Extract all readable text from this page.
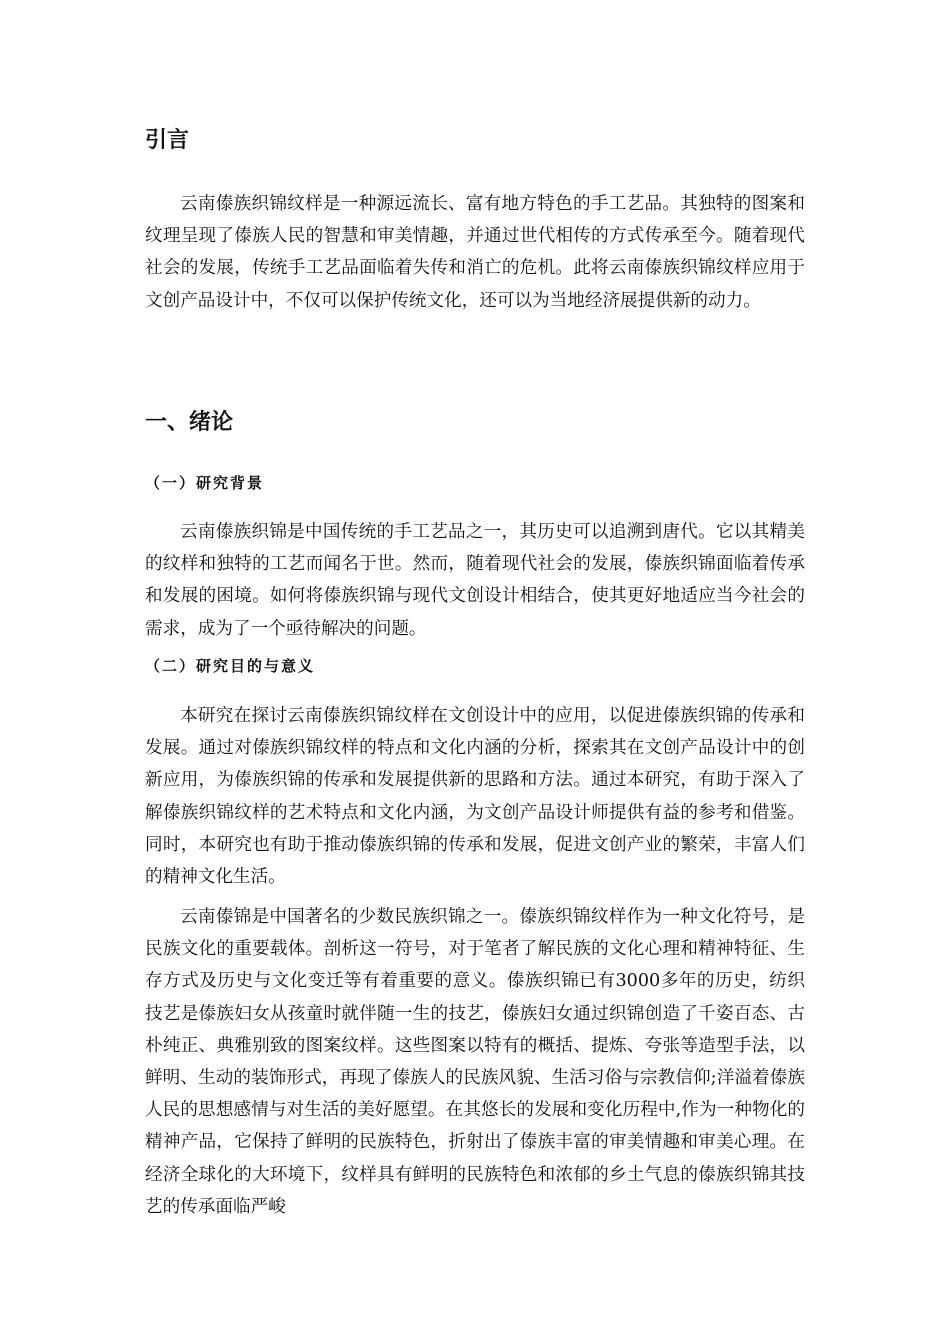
引言

云南傣族织锦纹样是一种源远流长、富有地方特色的手工艺品。其独特的图案和纹理呈现了傣族人民的智慧和审美情趣，并通过世代相传的方式传承至今。随着现代社会的发展，传统手工艺品面临着失传和消亡的危机。此将云南傣族织锦纹样应用于文创产品设计中，不仅可以保护传统文化，还可以为当地经济展提供新的动力。

一、绪论
（一）研究背景

云南傣族织锦是中国传统的手工艺品之一，其历史可以追溯到唐代。它以其精美的纹样和独特的工艺而闻名于世。然而，随着现代社会的发展，傣族织锦面临着传承和发展的困境。如何将傣族织锦与现代文创设计相结合，使其更好地适应当今社会的需求，成为了一个亟待解决的问题。

（二）研究目的与意义

本研究在探讨云南傣族织锦纹样在文创设计中的应用，以促进傣族织锦的传承和发展。通过对傣族织锦纹样的特点和文化内涵的分析，探索其在文创产品设计中的创新应用，为傣族织锦的传承和发展提供新的思路和方法。通过本研究，有助于深入了解傣族织锦纹样的艺术特点和文化内涵，为文创产品设计师提供有益的参考和借鉴。同时，本研究也有助于推动傣族织锦的传承和发展，促进文创产业的繁荣，丰富人们的精神文化生活。

云南傣锦是中国著名的少数民族织锦之一。傣族织锦纹样作为一种文化符号，是民族文化的重要载体。剖析这一符号，对于笔者了解民族的文化心理和精神特征、生存方式及历史与文化变迁等有着重要的意义。傣族织锦已有3000多年的历史，纺织技艺是傣族妇女从孩童时就伴随一生的技艺，傣族妇女通过织锦创造了千姿百态、古朴纯正、典雅别致的图案纹样。这些图案以特有的概括、提炼、夸张等造型手法，以鲜明、生动的装饰形式，再现了傣族人的民族风貌、生活习俗与宗教信仰;洋溢着傣族人民的思想感情与对生活的美好愿望。在其悠长的发展和变化历程中,作为一种物化的精神产品，它保持了鲜明的民族特色，折射出了傣族丰富的审美情趣和审美心理。在经济全球化的大环境下，纹样具有鲜明的民族特色和浓郁的乡土气息的傣族织锦其技艺的传承面临严峻
